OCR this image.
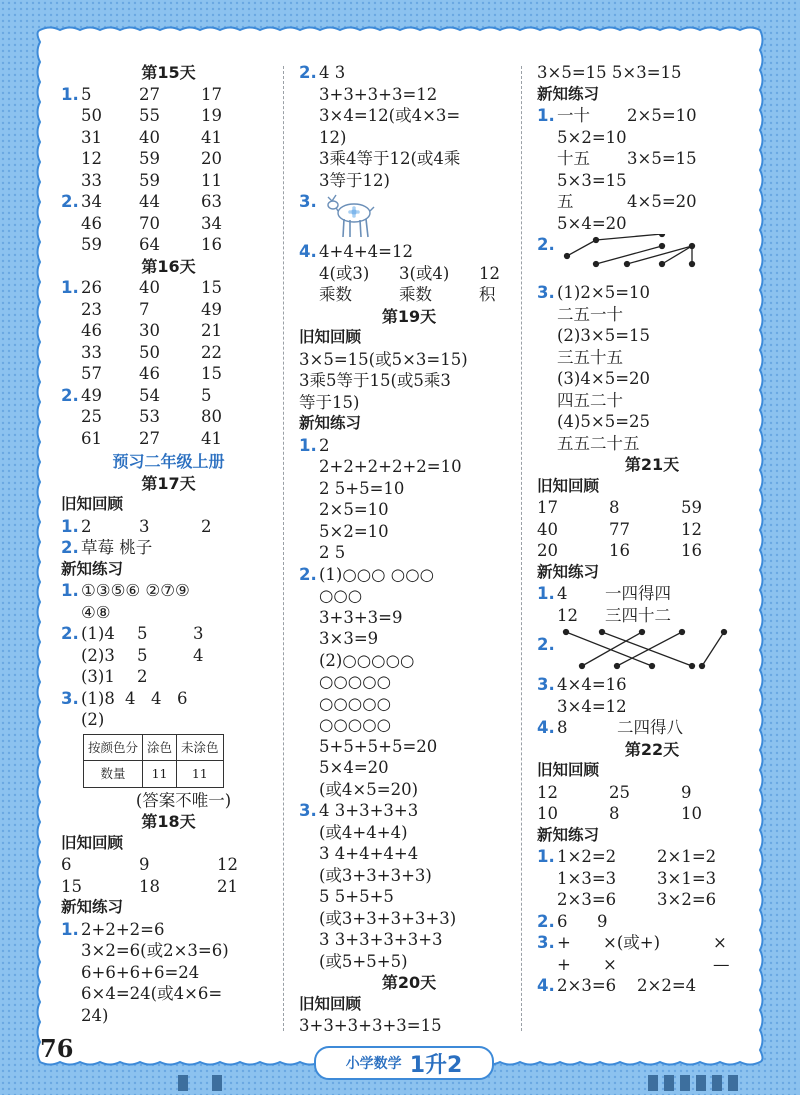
第15天
1. 5	27 17
50 55 19
31 40 41
12 59 20
33 59 11
2. 34 44 63
46 70 34
59 64 16
第16天
1. 26 40 15
23 7	49
46 30 21
33 50 22
57 46 15
2. 49 54 5
25 53 80
61 27 41
预习二年级上册
第17天
旧知回顾
1. 2	3	2
2. 草莓 桃子
新知练习
1. ①③⑤⑥ ②⑦⑨
④⑧
2. (1)4 5	3
(2)3 5	4
(3)1 2
3. (1)8 4 4 6
(2)
按颜色分	涂色	未涂色
数量	11	11
(答案不唯一)
第18天
旧知回顾
6	9	12
15	18	21
新知练习
1. 2+2+2=6
3×2=6(或2×3=6)
6+6+6+6=24
6×4=24(或4×6=
24)
2. 4 3
3+3+3+3=12
3×4=12(或4×3=
12)
3乘4等于12(或4乘
3等于12)
3.
4. 4+4+4=12
4(或3) 3(或4) 12
乘数	乘数	积
第19天
旧知回顾
3×5=15(或5×3=15)
3乘5等于15(或5乘3
等于15)
新知练习
1. 2
2+2+2+2+2=10
2 5+5=10
2×5=10
5×2=10
2 5
2. (1)○○○ ○○○
○○○
3+3+3=9
3×3=9
(2)○○○○○
○○○○○
○○○○○
○○○○○
5+5+5+5=20
5×4=20
(或4×5=20)
3. 4 3+3+3+3
(或4+4+4)
3 4+4+4+4
(或3+3+3+3)
5 5+5+5
(或3+3+3+3+3)
3 3+3+3+3+3
(或5+5+5)
第20天
旧知回顾
3+3+3+3+3=15
3×5=15 5×3=15
新知练习
1. 一十 2×5=10
5×2=10
十五 3×5=15
5×3=15
五	4×5=20
5×4=20
2.
3. (1)2×5=10
二五一十
(2)3×5=15
三五十五
(3)4×5=20
四五二十
(4)5×5=25
五五二十五
第21天
旧知回顾
17	8	59
40	77	12
20	16	16
新知练习
1. 4 一四得四
12 三四十二
2.
3. 4×4=16
3×4=12
4. 8	二四得八
第22天
旧知回顾
12	25	9
10	8	10
新知练习
1. 1×2=2 2×1=2
1×3=3 3×1=3
2×3=6 3×2=6
2. 6 9
3. + ×(或+)	×
+ ×	—
4. 2×3=6 2×2=4
76
小学数学 1升2
